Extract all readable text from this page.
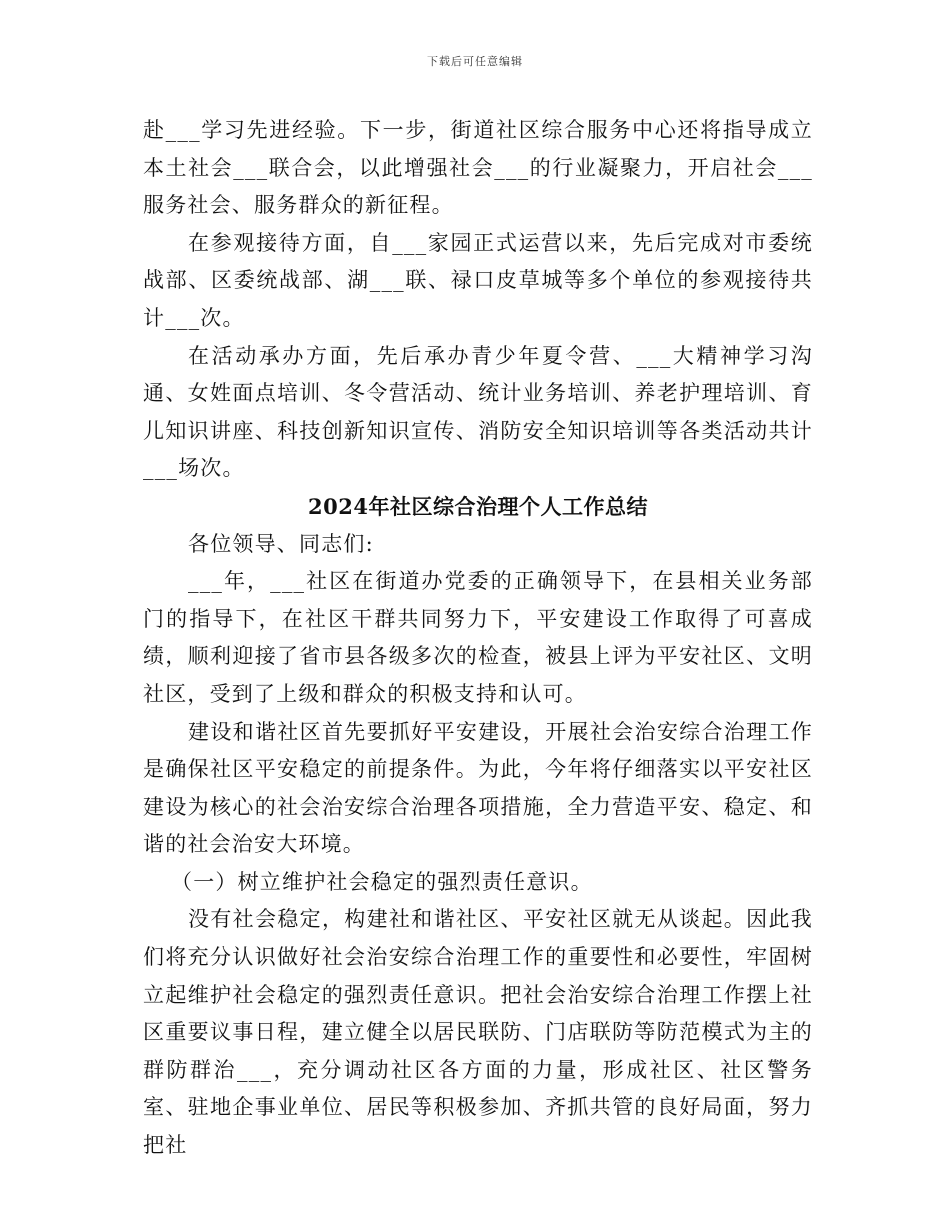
下载后可任意编辑

赴___学习先进经验。下一步，街道社区综合服务中心还将指导成立本土社会___联合会，以此增强社会___的行业凝聚力，开启社会___服务社会、服务群众的新征程。

在参观接待方面，自___家园正式运营以来，先后完成对市委统战部、区委统战部、湖___联、禄口皮草城等多个单位的参观接待共计___次。

在活动承办方面，先后承办青少年夏令营、___大精神学习沟通、女姓面点培训、冬令营活动、统计业务培训、养老护理培训、育儿知识讲座、科技创新知识宣传、消防安全知识培训等各类活动共计___场次。

2024年社区综合治理个人工作总结

各位领导、同志们:

___年，___社区在街道办党委的正确领导下，在县相关业务部门的指导下，在社区干群共同努力下，平安建设工作取得了可喜成绩，顺利迎接了省市县各级多次的检查，被县上评为平安社区、文明社区，受到了上级和群众的积极支持和认可。

建设和谐社区首先要抓好平安建设，开展社会治安综合治理工作是确保社区平安稳定的前提条件。为此，今年将仔细落实以平安社区建设为核心的社会治安综合治理各项措施，全力营造平安、稳定、和谐的社会治安大环境。

（一）树立维护社会稳定的强烈责任意识。

没有社会稳定，构建社和谐社区、平安社区就无从谈起。因此我们将充分认识做好社会治安综合治理工作的重要性和必要性，牢固树立起维护社会稳定的强烈责任意识。把社会治安综合治理工作摆上社区重要议事日程，建立健全以居民联防、门店联防等防范模式为主的群防群治___，充分调动社区各方面的力量，形成社区、社区警务室、驻地企事业单位、居民等积极参加、齐抓共管的良好局面，努力把社
